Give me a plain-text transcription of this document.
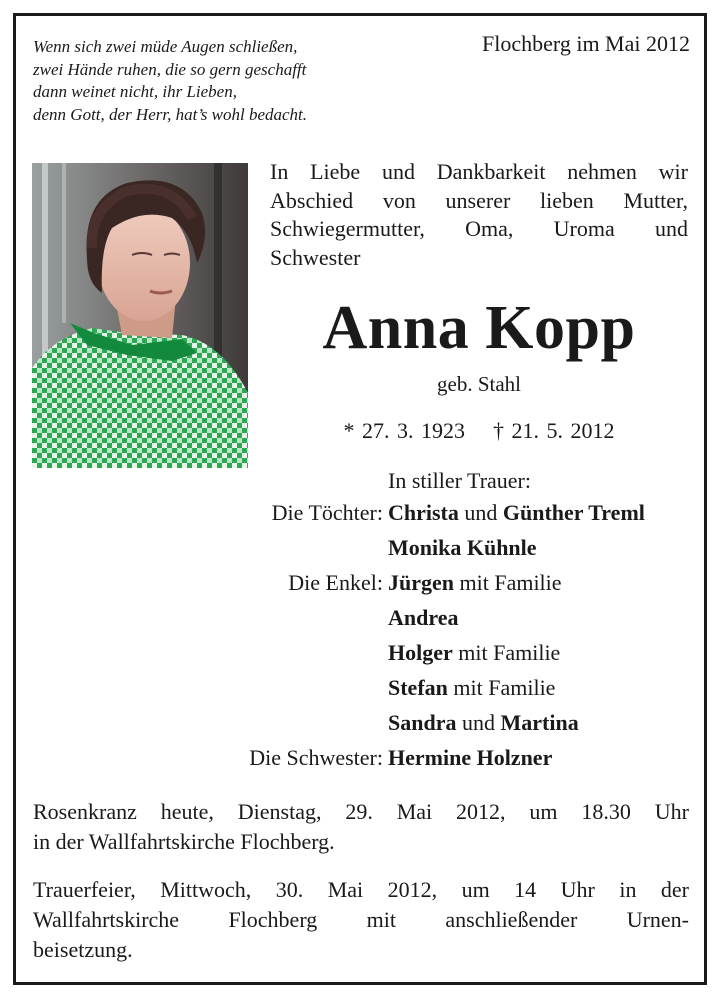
Wenn sich zwei müde Augen schließen,
zwei Hände ruhen, die so gern geschafft
dann weinet nicht, ihr Lieben,
denn Gott, der Herr, hat’s wohl bedacht.
Flochberg im Mai 2012
In Liebe und Dankbarkeit nehmen wir
Abschied von unserer lieben Mutter,
Schwiegermutter, Oma, Uroma und
Schwester
Anna Kopp
geb. Stahl
* 27. 3. 1923 † 21. 5. 2012
In stiller Trauer:
Die Töchter: Christa und Günther Treml
Monika Kühnle
Die Enkel: Jürgen mit Familie
Andrea
Holger mit Familie
Stefan mit Familie
Sandra und Martina
Die Schwester: Hermine Holzner
Rosenkranz heute, Dienstag, 29. Mai 2012, um 18.30 Uhr
in der Wallfahrtskirche Flochberg.
Trauerfeier, Mittwoch, 30. Mai 2012, um 14 Uhr in der
Wallfahrtskirche Flochberg mit anschließender Urnen-
beisetzung.
